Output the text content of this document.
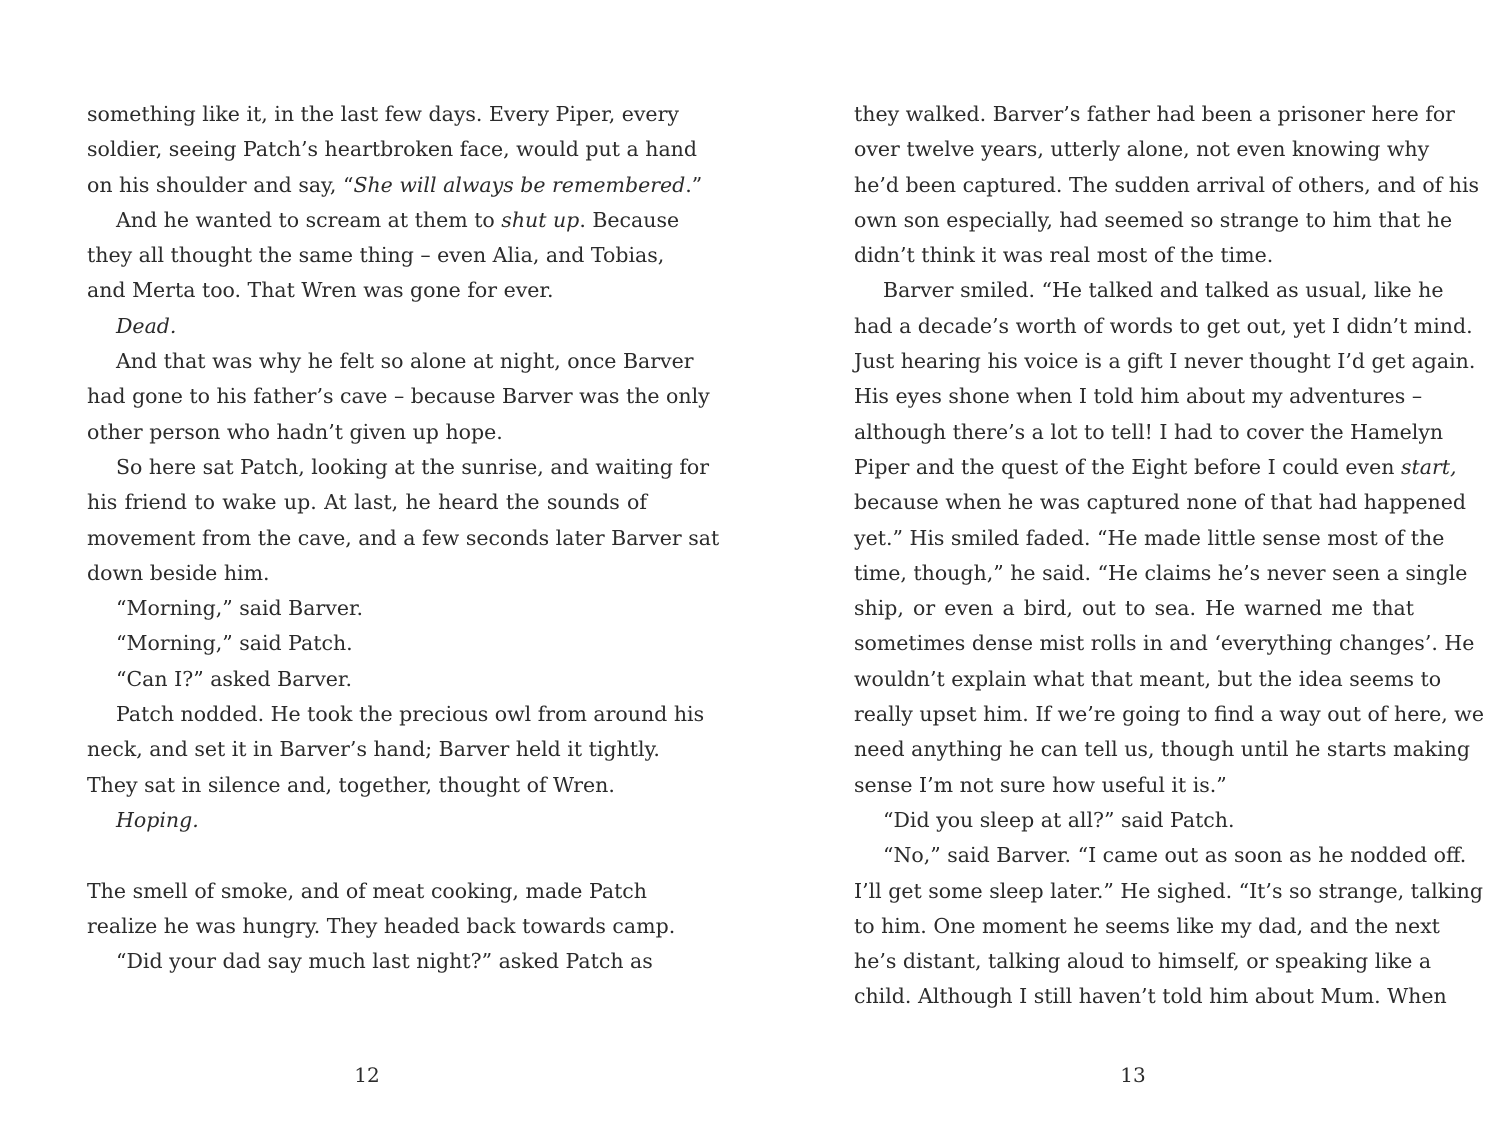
something like it, in the last few days. Every Piper, every
soldier, seeing Patch’s heartbroken face, would put a hand
on his shoulder and say, “She will always be remembered.”
And he wanted to scream at them to shut up. Because
they all thought the same thing – even Alia, and Tobias,
and Merta too. That Wren was gone for ever.
Dead.
And that was why he felt so alone at night, once Barver
had gone to his father’s cave – because Barver was the only
other person who hadn’t given up hope.
So here sat Patch, looking at the sunrise, and waiting for
his friend to wake up. At last, he heard the sounds of
movement from the cave, and a few seconds later Barver sat
down beside him.
“Morning,” said Barver.
“Morning,” said Patch.
“Can I?” asked Barver.
Patch nodded. He took the precious owl from around his
neck, and set it in Barver’s hand; Barver held it tightly.
They sat in silence and, together, thought of Wren.
Hoping.
The smell of smoke, and of meat cooking, made Patch
realize he was hungry. They headed back towards camp.
“Did your dad say much last night?” asked Patch as
12
they walked. Barver’s father had been a prisoner here for
over twelve years, utterly alone, not even knowing why
he’d been captured. The sudden arrival of others, and of his
own son especially, had seemed so strange to him that he
didn’t think it was real most of the time.
Barver smiled. “He talked and talked as usual, like he
had a decade’s worth of words to get out, yet I didn’t mind.
Just hearing his voice is a gift I never thought I’d get again.
His eyes shone when I told him about my adventures –
although there’s a lot to tell! I had to cover the Hamelyn
Piper and the quest of the Eight before I could even start,
because when he was captured none of that had happened
yet.” His smiled faded. “He made little sense most of the
time, though,” he said. “He claims he’s never seen a single
ship, or even a bird, out to sea. He warned me that
sometimes dense mist rolls in and ‘everything changes’. He
wouldn’t explain what that meant, but the idea seems to
really upset him. If we’re going to find a way out of here, we
need anything he can tell us, though until he starts making
sense I’m not sure how useful it is.”
“Did you sleep at all?” said Patch.
“No,” said Barver. “I came out as soon as he nodded off.
I’ll get some sleep later.” He sighed. “It’s so strange, talking
to him. One moment he seems like my dad, and the next
he’s distant, talking aloud to himself, or speaking like a
child. Although I still haven’t told him about Mum. When
13
